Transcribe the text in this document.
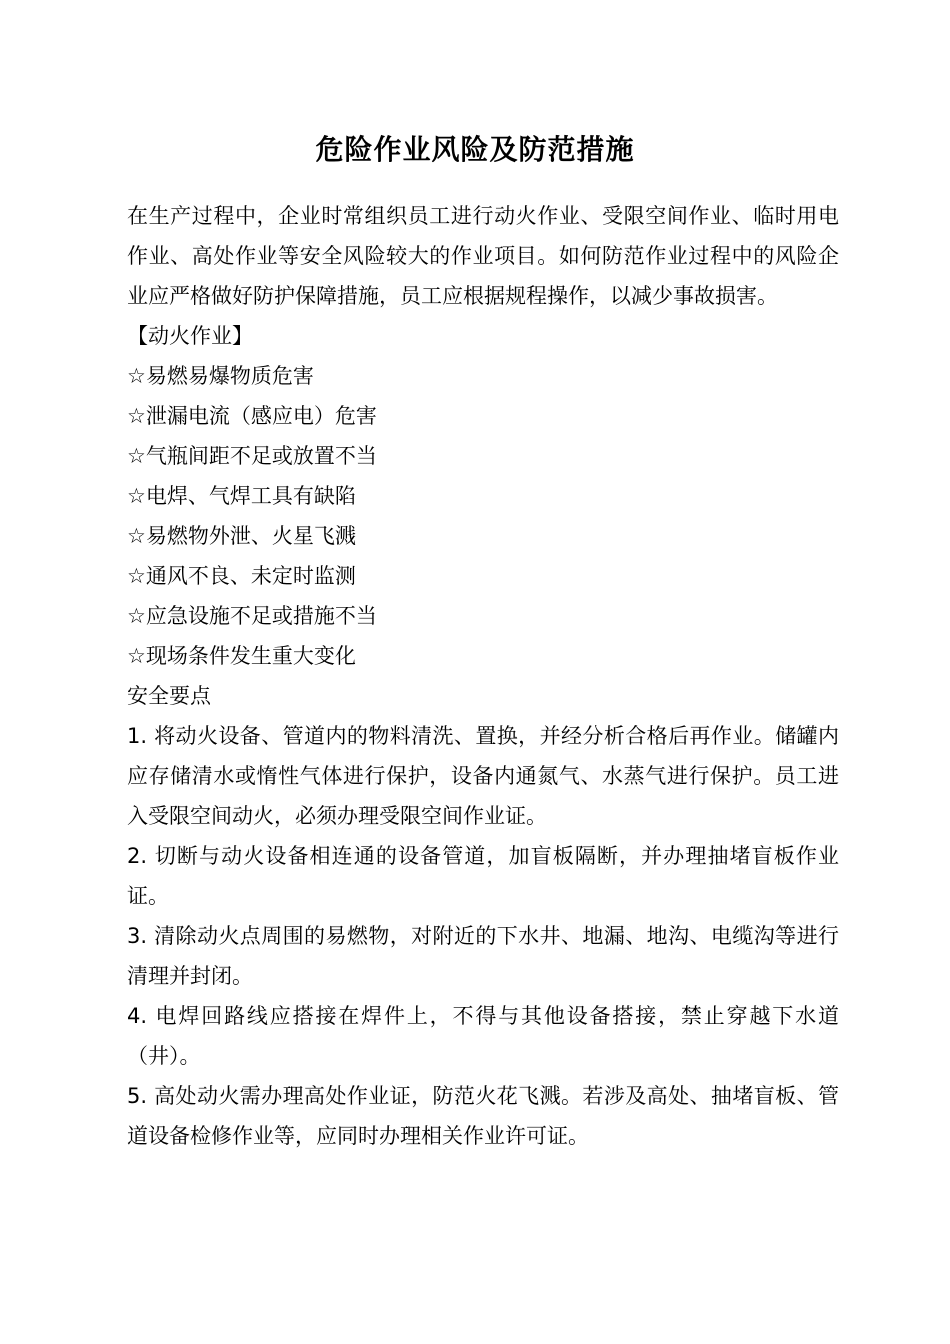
危险作业风险及防范措施

在生产过程中，企业时常组织员工进行动火作业、受限空间作业、临时用电作业、高处作业等安全风险较大的作业项目。如何防范作业过程中的风险企业应严格做好防护保障措施，员工应根据规程操作，以减少事故损害。

【动火作业】

☆易燃易爆物质危害

☆泄漏电流（感应电）危害

☆气瓶间距不足或放置不当

☆电焊、气焊工具有缺陷

☆易燃物外泄、火星飞溅

☆通风不良、未定时监测

☆应急设施不足或措施不当

☆现场条件发生重大变化

安全要点

1. 将动火设备、管道内的物料清洗、置换，并经分析合格后再作业。储罐内应存储清水或惰性气体进行保护，设备内通氮气、水蒸气进行保护。员工进入受限空间动火，必须办理受限空间作业证。

2. 切断与动火设备相连通的设备管道，加盲板隔断，并办理抽堵盲板作业证。

3. 清除动火点周围的易燃物，对附近的下水井、地漏、地沟、电缆沟等进行清理并封闭。

4. 电焊回路线应搭接在焊件上，不得与其他设备搭接，禁止穿越下水道（井）。

5. 高处动火需办理高处作业证，防范火花飞溅。若涉及高处、抽堵盲板、管道设备检修作业等，应同时办理相关作业许可证。
